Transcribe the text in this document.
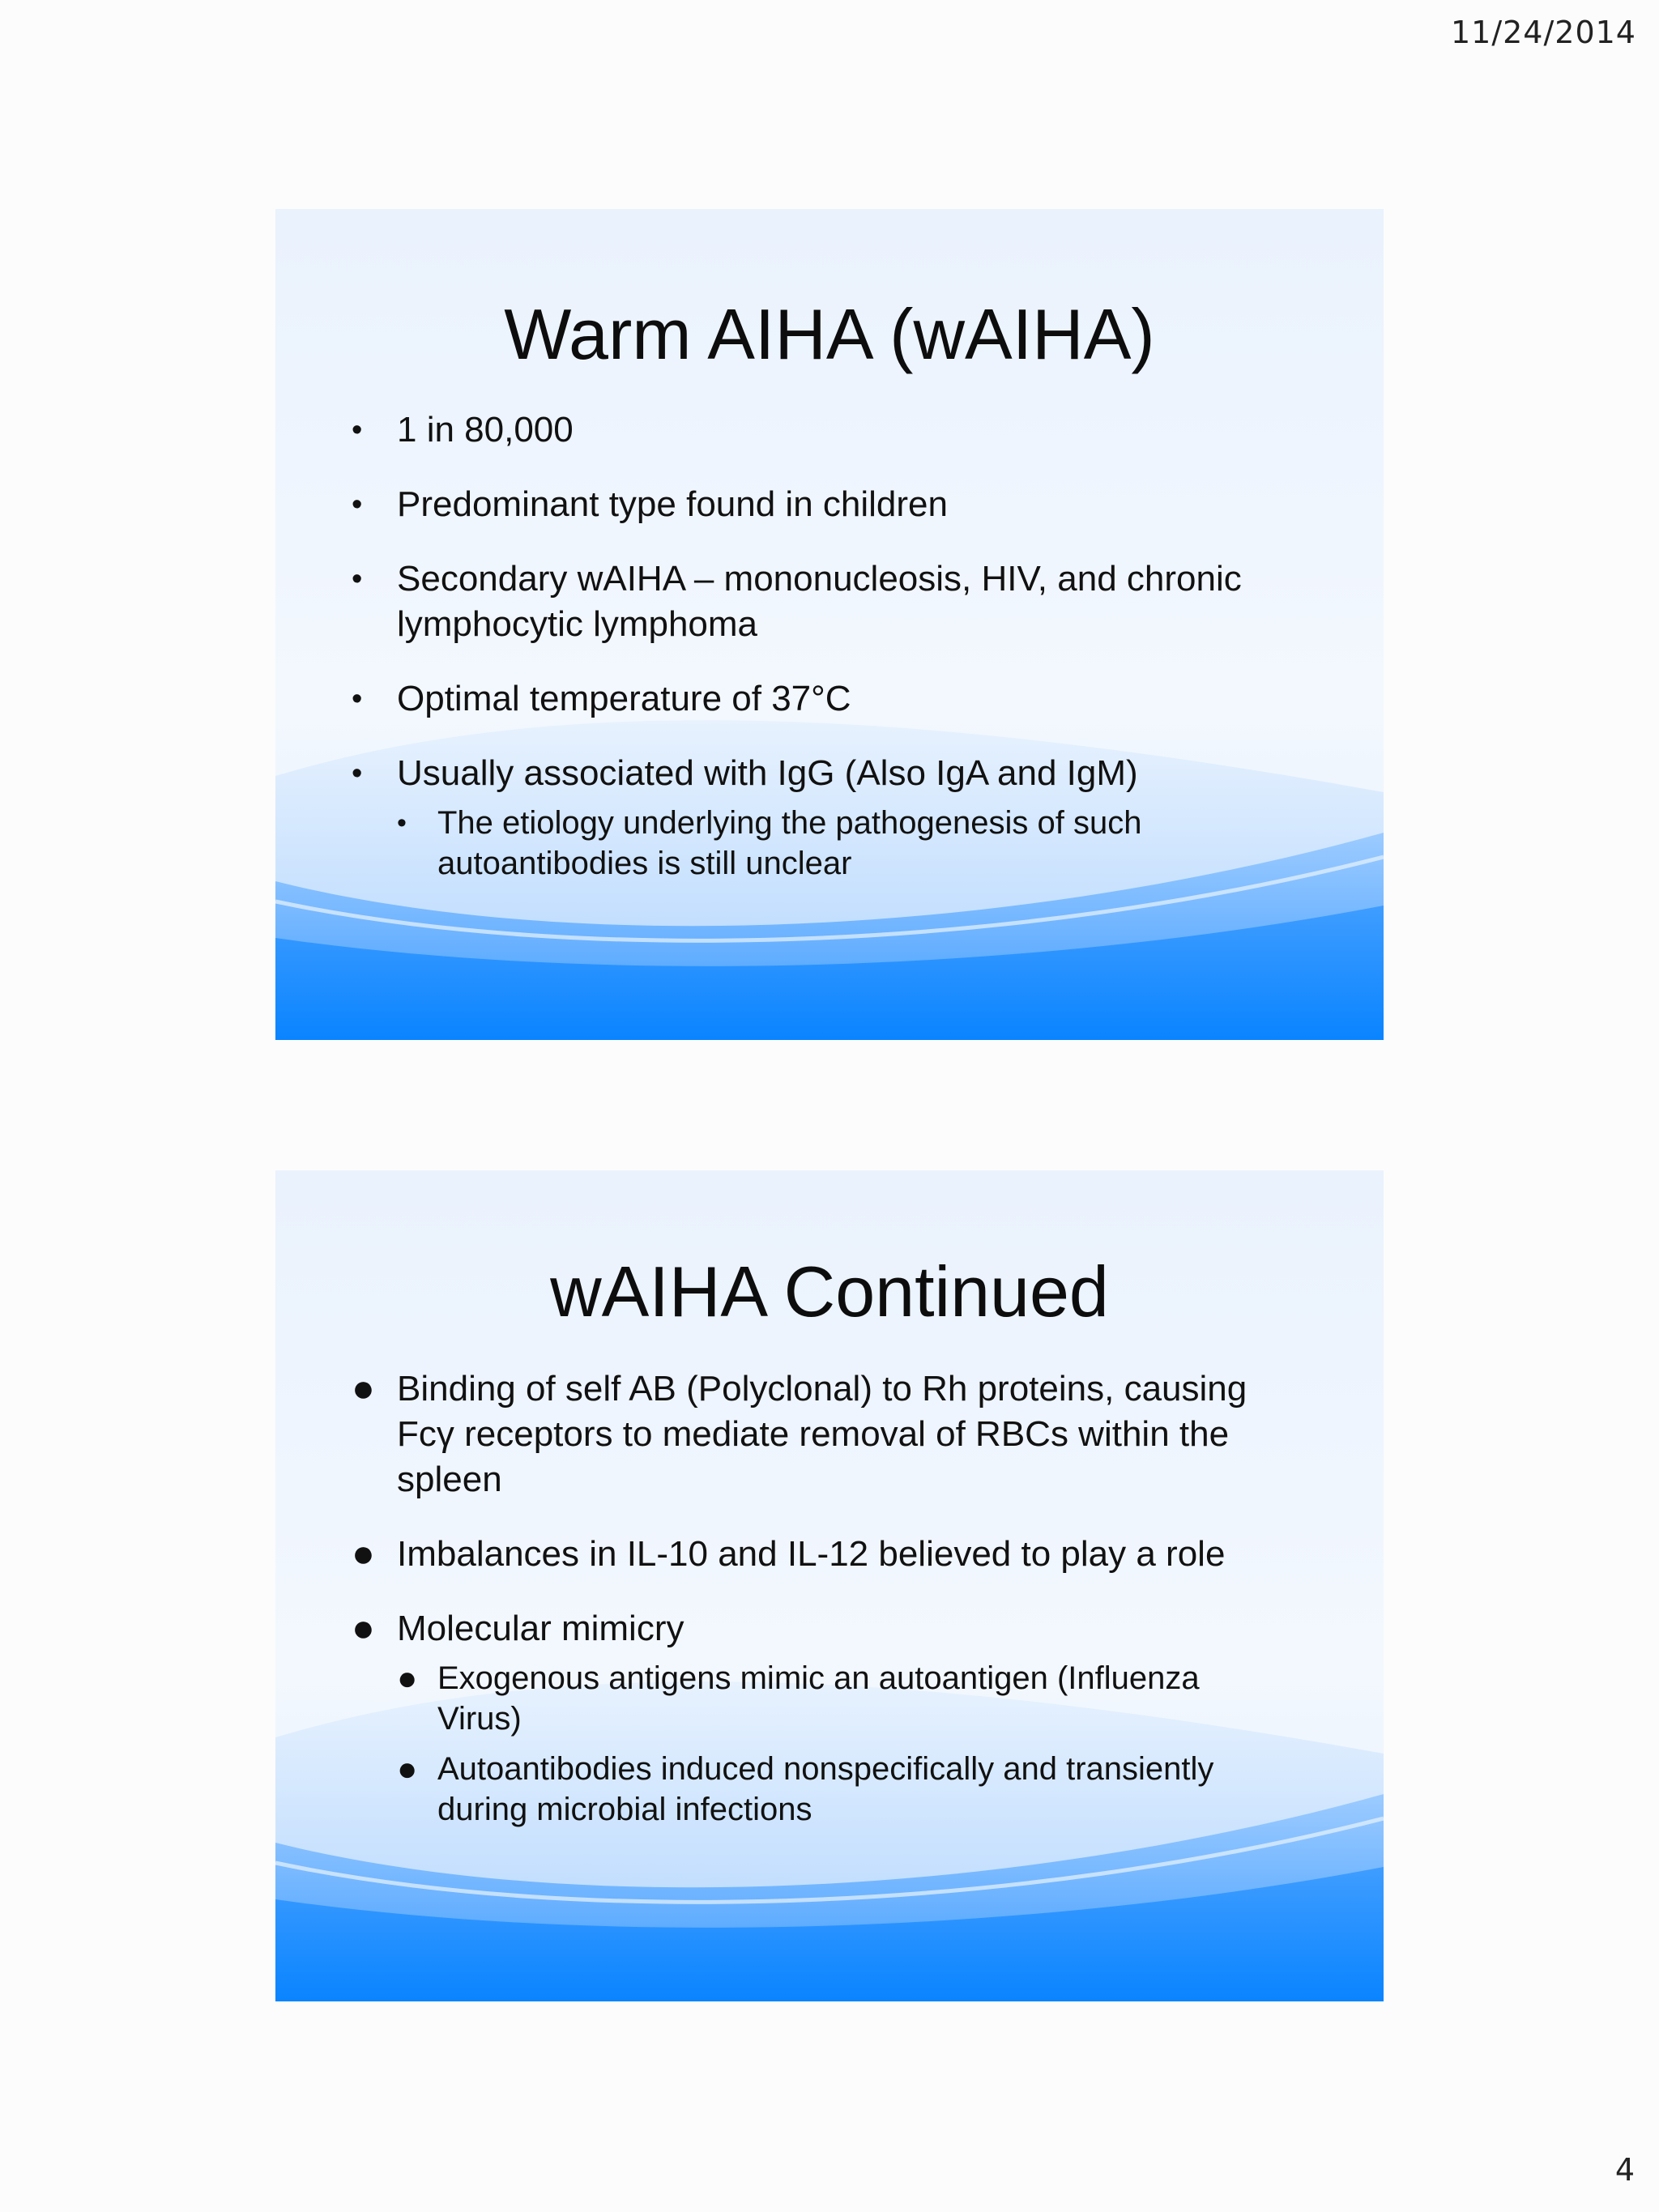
11/24/2014
Warm AIHA (wAIHA)
• 1 in 80,000
• Predominant type found in children
• Secondary wAIHA – mononucleosis, HIV, and chronic lymphocytic lymphoma
• Optimal temperature of 37°C
• Usually associated with IgG (Also IgA and IgM)
• The etiology underlying the pathogenesis of such autoantibodies is still unclear
wAIHA Continued
● Binding of self AB (Polyclonal) to Rh proteins, causing Fcγ receptors to mediate removal of RBCs within the spleen
● Imbalances in IL-10 and IL-12 believed to play a role
● Molecular mimicry
● Exogenous antigens mimic an autoantigen (Influenza Virus)
● Autoantibodies induced nonspecifically and transiently during microbial infections
4
